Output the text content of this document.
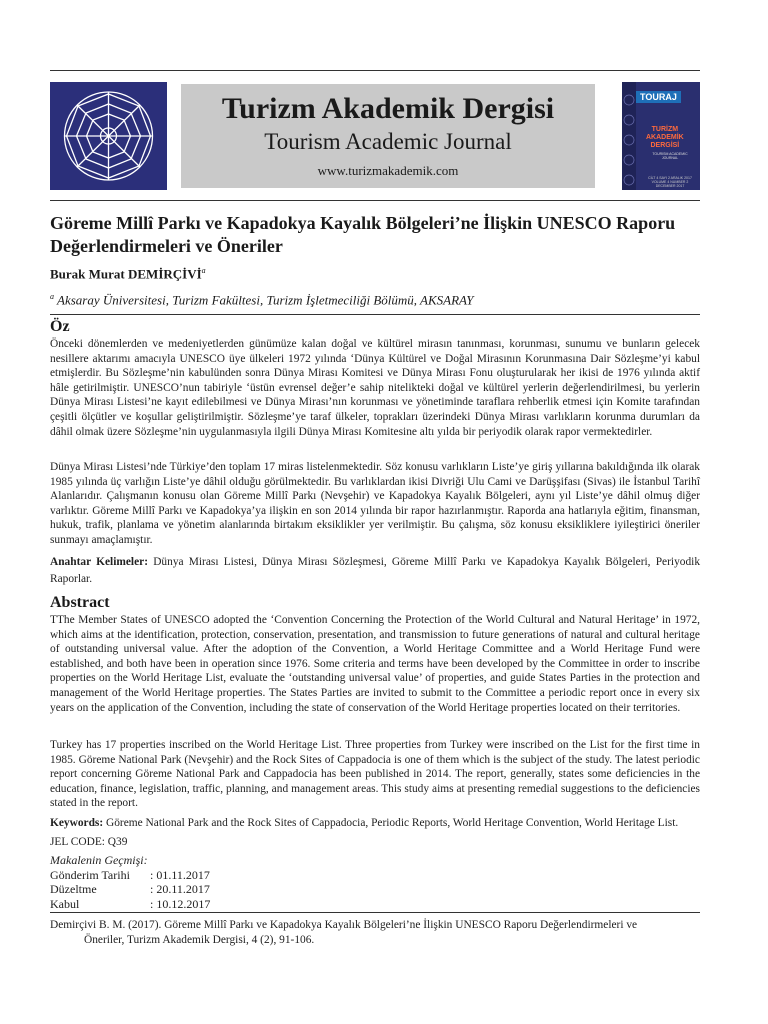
Turizm Akademik Dergisi
Tourism Academic Journal
www.turizmakademik.com
TOURAJ
TURİZM
AKADEMİK
DERGİSİ
TOURISM ACADEMIC JOURNAL
CİLT 4 SAYI 2 ARALIK 2017 VOLUME 4 NUMBER 2 DECEMBER 2017
Göreme Millî Parkı ve Kapadokya Kayalık Bölgeleri’ne İlişkin UNESCO Raporu Değerlendirmeleri ve Öneriler
Burak Murat DEMİRÇİVİ$^a$
$^a$ Aksaray Üniversitesi, Turizm Fakültesi, Turizm İşletmeciliği Bölümü, AKSARAY
Öz
Önceki dönemlerden ve medeniyetlerden günümüze kalan doğal ve kültürel mirasın tanınması, korunması, sunumu ve bunların gelecek nesillere aktarımı amacıyla UNESCO üye ülkeleri 1972 yılında ‘Dünya Kültürel ve Doğal Mirasının Korunmasına Dair Sözleşme’yi kabul etmişlerdir. Bu Sözleşme’nin kabulünden sonra Dünya Mirası Komitesi ve Dünya Mirası Fonu oluşturularak her ikisi de 1976 yılında aktif hâle getirilmiştir. UNESCO’nun tabiriyle ‘üstün evrensel değer’e sahip nitelikteki doğal ve kültürel yerlerin değerlendirilmesi, bu yerlerin Dünya Mirası Listesi’ne kayıt edilebilmesi ve Dünya Mirası’nın korunması ve yönetiminde taraflara rehberlik etmesi için Komite tarafından çeşitli ölçütler ve koşullar geliştirilmiştir. Sözleşme’ye taraf ülkeler, toprakları üzerindeki Dünya Mirası varlıkların korunma durumları da dâhil olmak üzere Sözleşme’nin uygulanmasıyla ilgili Dünya Mirası Komitesine altı yılda bir periyodik olarak rapor vermektedirler.
Dünya Mirası Listesi’nde Türkiye’den toplam 17 miras listelenmektedir. Söz konusu varlıkların Liste’ye giriş yıllarına bakıldığında ilk olarak 1985 yılında üç varlığın Liste’ye dâhil olduğu görülmektedir. Bu varlıklardan ikisi Divriği Ulu Cami ve Darüşşifası (Sivas) ile İstanbul Tarihî Alanlarıdır. Çalışmanın konusu olan Göreme Millî Parkı (Nevşehir) ve Kapadokya Kayalık Bölgeleri, aynı yıl Liste’ye dâhil olmuş diğer varlıktır. Göreme Millî Parkı ve Kapadokya’ya ilişkin en son 2014 yılında bir rapor hazırlanmıştır. Raporda ana hatlarıyla eğitim, finansman, hukuk, trafik, planlama ve yönetim alanlarında birtakım eksiklikler yer verilmiştir. Bu çalışma, söz konusu eksikliklere iyileştirici öneriler sunmayı amaçlamıştır.
Anahtar Kelimeler: Dünya Mirası Listesi, Dünya Mirası Sözleşmesi, Göreme Millî Parkı ve Kapadokya Kayalık Bölgeleri, Periyodik Raporlar.
Abstract
TThe Member States of UNESCO adopted the ‘Convention Concerning the Protection of the World Cultural and Natural Heritage’ in 1972, which aims at the identification, protection, conservation, presentation, and transmission to future generations of natural and cultural heritage of outstanding universal value. After the adoption of the Convention, a World Heritage Committee and a World Heritage Fund were established, and both have been in operation since 1976. Some criteria and terms have been developed by the Committee in order to inscribe properties on the World Heritage List, evaluate the ‘outstanding universal value’ of properties, and guide States Parties in the protection and management of the World Heritage properties. The States Parties are invited to submit to the Committee a periodic report once in every six years on the application of the Convention, including the state of conservation of the World Heritage properties located on their territories.
Turkey has 17 properties inscribed on the World Heritage List. Three properties from Turkey were inscribed on the List for the first time in 1985. Göreme National Park (Nevşehir) and the Rock Sites of Cappadocia is one of them which is the subject of the study. The latest periodic report concerning Göreme National Park and Cappadocia has been published in 2014. The report, generally, states some deficiencies in the education, finance, legislation, traffic, planning, and management areas. This study aims at presenting remedial suggestions to the deficiencies stated in the report.
Keywords: Göreme National Park and the Rock Sites of Cappadocia, Periodic Reports, World Heritage Convention, World Heritage List.
JEL CODE: Q39
Makalenin Geçmişi:
Gönderim Tarihi	: 01.11.2017
Düzeltme	: 20.11.2017
Kabul	: 10.12.2017
Demirçivi B. M. (2017). Göreme Millî Parkı ve Kapadokya Kayalık Bölgeleri’ne İlişkin UNESCO Raporu Değerlendirmeleri ve
Öneriler, Turizm Akademik Dergisi, 4 (2), 91-106.
